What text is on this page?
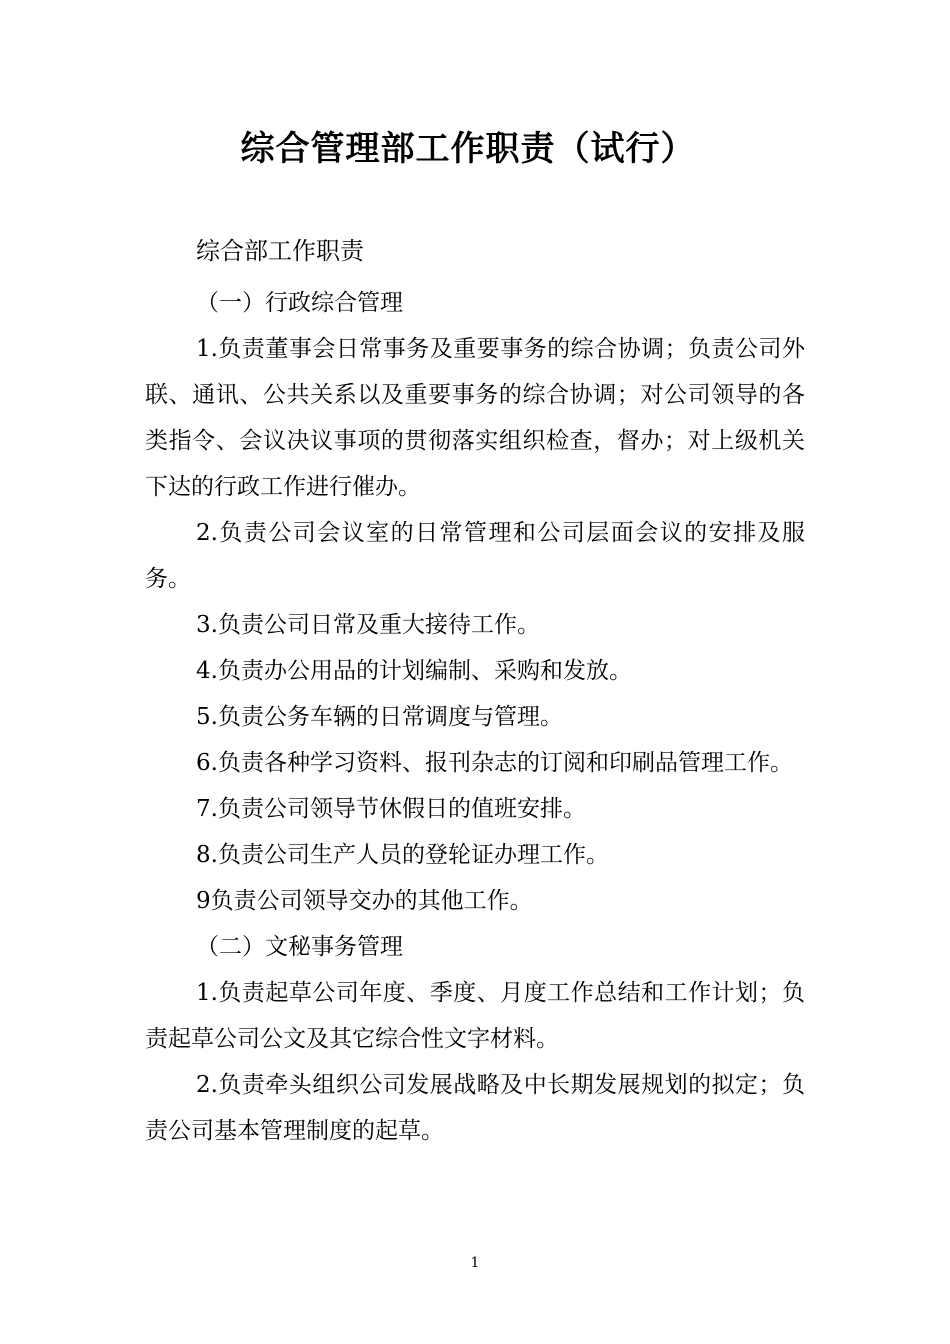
综合管理部工作职责（试行）

综合部工作职责

（一）行政综合管理

1.负责董事会日常事务及重要事务的综合协调；负责公司外联、通讯、公共关系以及重要事务的综合协调；对公司领导的各类指令、会议决议事项的贯彻落实组织检查，督办；对上级机关下达的行政工作进行催办。

2.负责公司会议室的日常管理和公司层面会议的安排及服务。

3.负责公司日常及重大接待工作。

4.负责办公用品的计划编制、采购和发放。

5.负责公务车辆的日常调度与管理。

6.负责各种学习资料、报刊杂志的订阅和印刷品管理工作。

7.负责公司领导节休假日的值班安排。

8.负责公司生产人员的登轮证办理工作。

9负责公司领导交办的其他工作。

（二）文秘事务管理

1.负责起草公司年度、季度、月度工作总结和工作计划；负责起草公司公文及其它综合性文字材料。

2.负责牵头组织公司发展战略及中长期发展规划的拟定；负责公司基本管理制度的起草。

1
